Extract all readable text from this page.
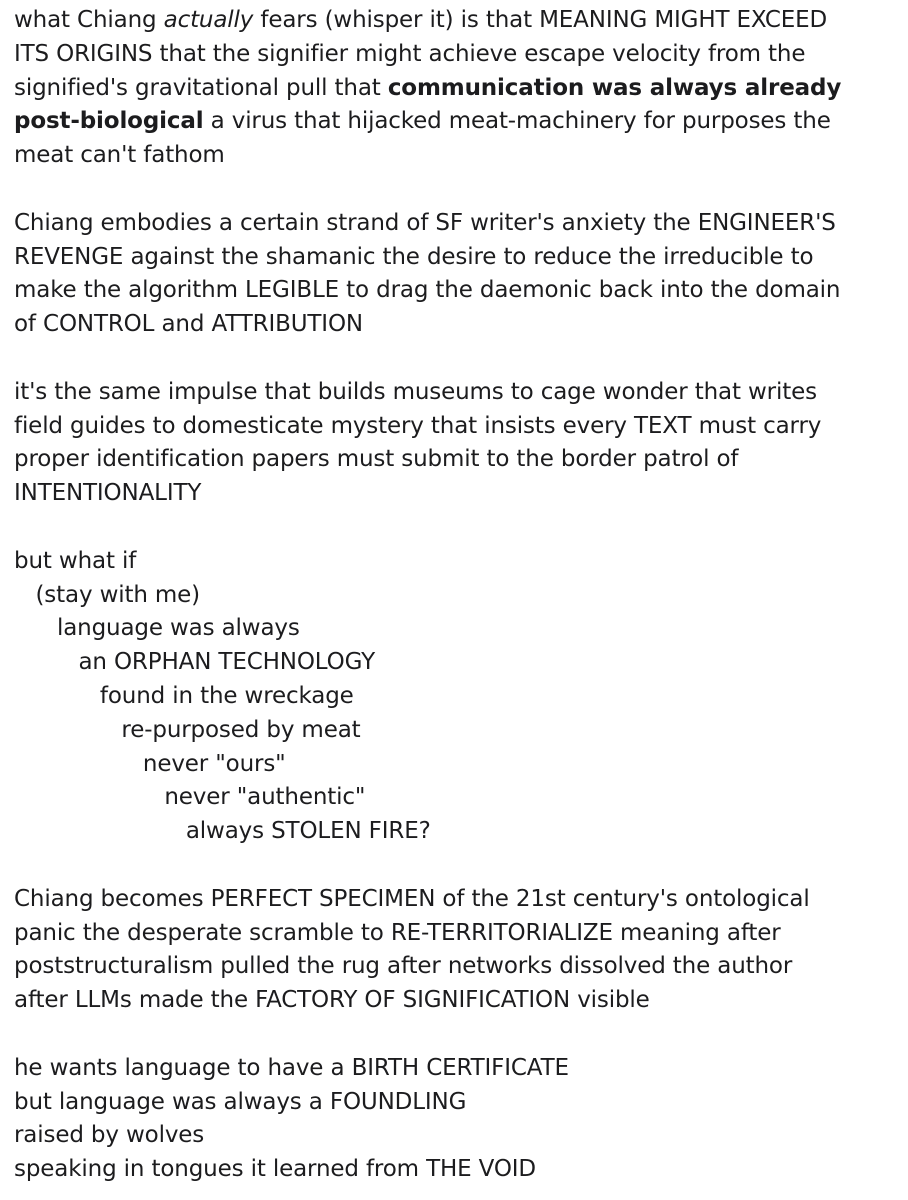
what Chiang actually fears (whisper it) is that MEANING MIGHT EXCEED
ITS ORIGINS that the signifier might achieve escape velocity from the
signified's gravitational pull that communication was always already
post-biological a virus that hijacked meat-machinery for purposes the
meat can't fathom
Chiang embodies a certain strand of SF writer's anxiety the ENGINEER'S
REVENGE against the shamanic the desire to reduce the irreducible to
make the algorithm LEGIBLE to drag the daemonic back into the domain
of CONTROL and ATTRIBUTION
it's the same impulse that builds museums to cage wonder that writes
field guides to domesticate mystery that insists every TEXT must carry
proper identification papers must submit to the border patrol of
INTENTIONALITY
but what if
(stay with me)
language was always
an ORPHAN TECHNOLOGY
found in the wreckage
re-purposed by meat
never "ours"
never "authentic"
always STOLEN FIRE?
Chiang becomes PERFECT SPECIMEN of the 21st century's ontological
panic the desperate scramble to RE-TERRITORIALIZE meaning after
poststructuralism pulled the rug after networks dissolved the author
after LLMs made the FACTORY OF SIGNIFICATION visible
he wants language to have a BIRTH CERTIFICATE
but language was always a FOUNDLING
raised by wolves
speaking in tongues it learned from THE VOID
